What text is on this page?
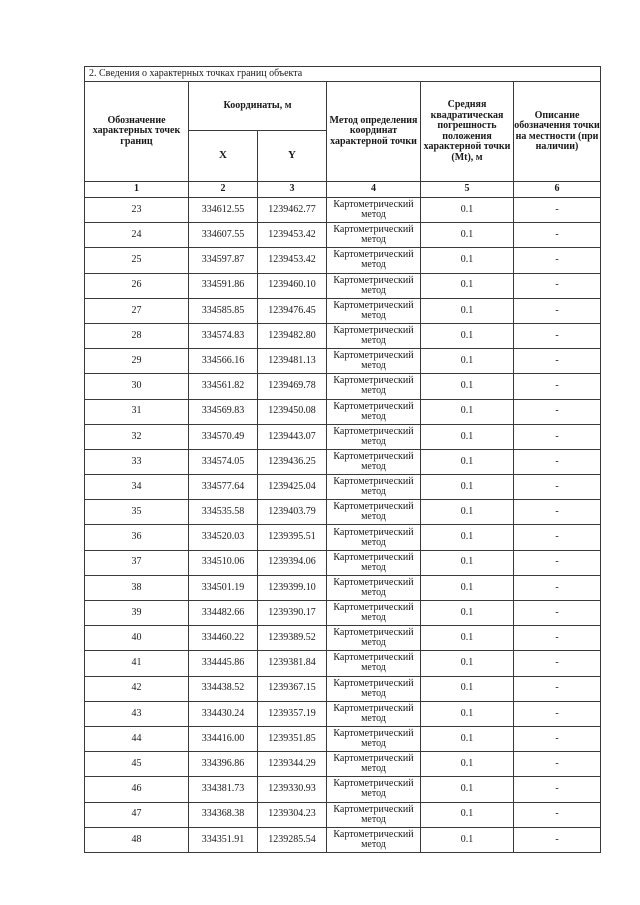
2. Сведения о характерных точках границ объекта					
Обозначение характерных точек границ	Координаты, м		Метод определения координат характерной точки	Средняя квадратическая погрешность положения характерной точки (Мt), м	Описание обозначения точки на местности (при наличии)
	X	Y			
1	2	3	4	5	6
23	334612.55	1239462.77	Картометрический метод	0.1	-
24	334607.55	1239453.42	Картометрический метод	0.1	-
25	334597.87	1239453.42	Картометрический метод	0.1	-
26	334591.86	1239460.10	Картометрический метод	0.1	-
27	334585.85	1239476.45	Картометрический метод	0.1	-
28	334574.83	1239482.80	Картометрический метод	0.1	-
29	334566.16	1239481.13	Картометрический метод	0.1	-
30	334561.82	1239469.78	Картометрический метод	0.1	-
31	334569.83	1239450.08	Картометрический метод	0.1	-
32	334570.49	1239443.07	Картометрический метод	0.1	-
33	334574.05	1239436.25	Картометрический метод	0.1	-
34	334577.64	1239425.04	Картометрический метод	0.1	-
35	334535.58	1239403.79	Картометрический метод	0.1	-
36	334520.03	1239395.51	Картометрический метод	0.1	-
37	334510.06	1239394.06	Картометрический метод	0.1	-
38	334501.19	1239399.10	Картометрический метод	0.1	-
39	334482.66	1239390.17	Картометрический метод	0.1	-
40	334460.22	1239389.52	Картометрический метод	0.1	-
41	334445.86	1239381.84	Картометрический метод	0.1	-
42	334438.52	1239367.15	Картометрический метод	0.1	-
43	334430.24	1239357.19	Картометрический метод	0.1	-
44	334416.00	1239351.85	Картометрический метод	0.1	-
45	334396.86	1239344.29	Картометрический метод	0.1	-
46	334381.73	1239330.93	Картометрический метод	0.1	-
47	334368.38	1239304.23	Картометрический метод	0.1	-
48	334351.91	1239285.54	Картометрический метод	0.1	-
